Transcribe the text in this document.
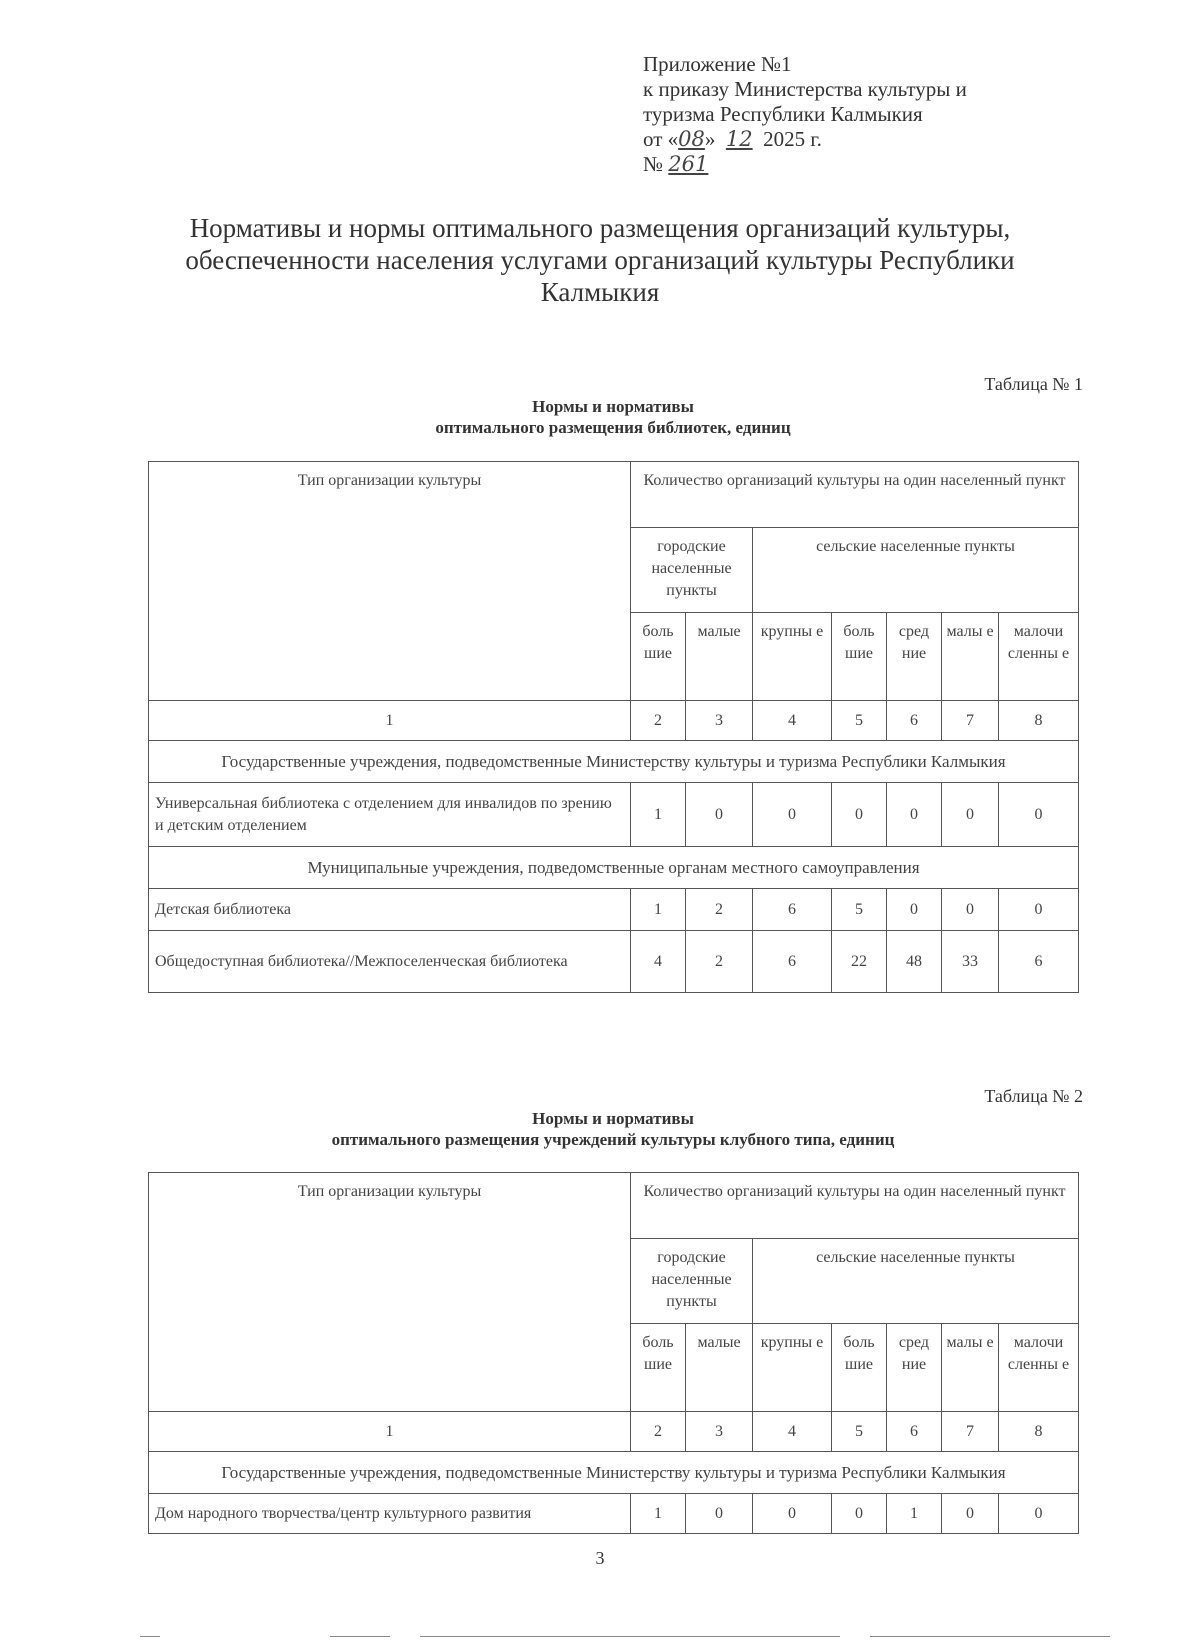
Приложение №1
к приказу Министерства культуры и
туризма Республики Калмыкия
от «08» 12 2025 г.
№ 261
Нормативы и нормы оптимального размещения организаций культуры,
обеспеченности населения услугами организаций культуры Республики
Калмыкия
Таблица № 1
Нормы и нормативы
оптимального размещения библиотек, единиц
Тип организации культуры	Количество организаций культуры на один населенный пункт						
	городские населенные пункты		сельские населенные пункты				
	боль шие	малые	крупны е	боль шие	сред ние	малы е	малочи сленны е
1	2	3	4	5	6	7	8
Государственные учреждения, подведомственные Министерству культуры и туризма Республики Калмыкия							
Универсальная библиотека с отделением для инвалидов по зрению и детским отделением	1	0	0	0	0	0	0
Муниципальные учреждения, подведомственные органам местного самоуправления							
Детская библиотека	1	2	6	5	0	0	0
Общедоступная библиотека//Межпоселенческая библиотека	4	2	6	22	48	33	6
Таблица № 2
Нормы и нормативы
оптимального размещения учреждений культуры клубного типа, единиц
Тип организации культуры	Количество организаций культуры на один населенный пункт						
	городские населенные пункты		сельские населенные пункты				
	боль шие	малые	крупны е	боль шие	сред ние	малы е	малочи сленны е
1	2	3	4	5	6	7	8
Государственные учреждения, подведомственные Министерству культуры и туризма Республики Калмыкия							
Дом народного творчества/центр культурного развития	1	0	0	0	1	0	0
3
